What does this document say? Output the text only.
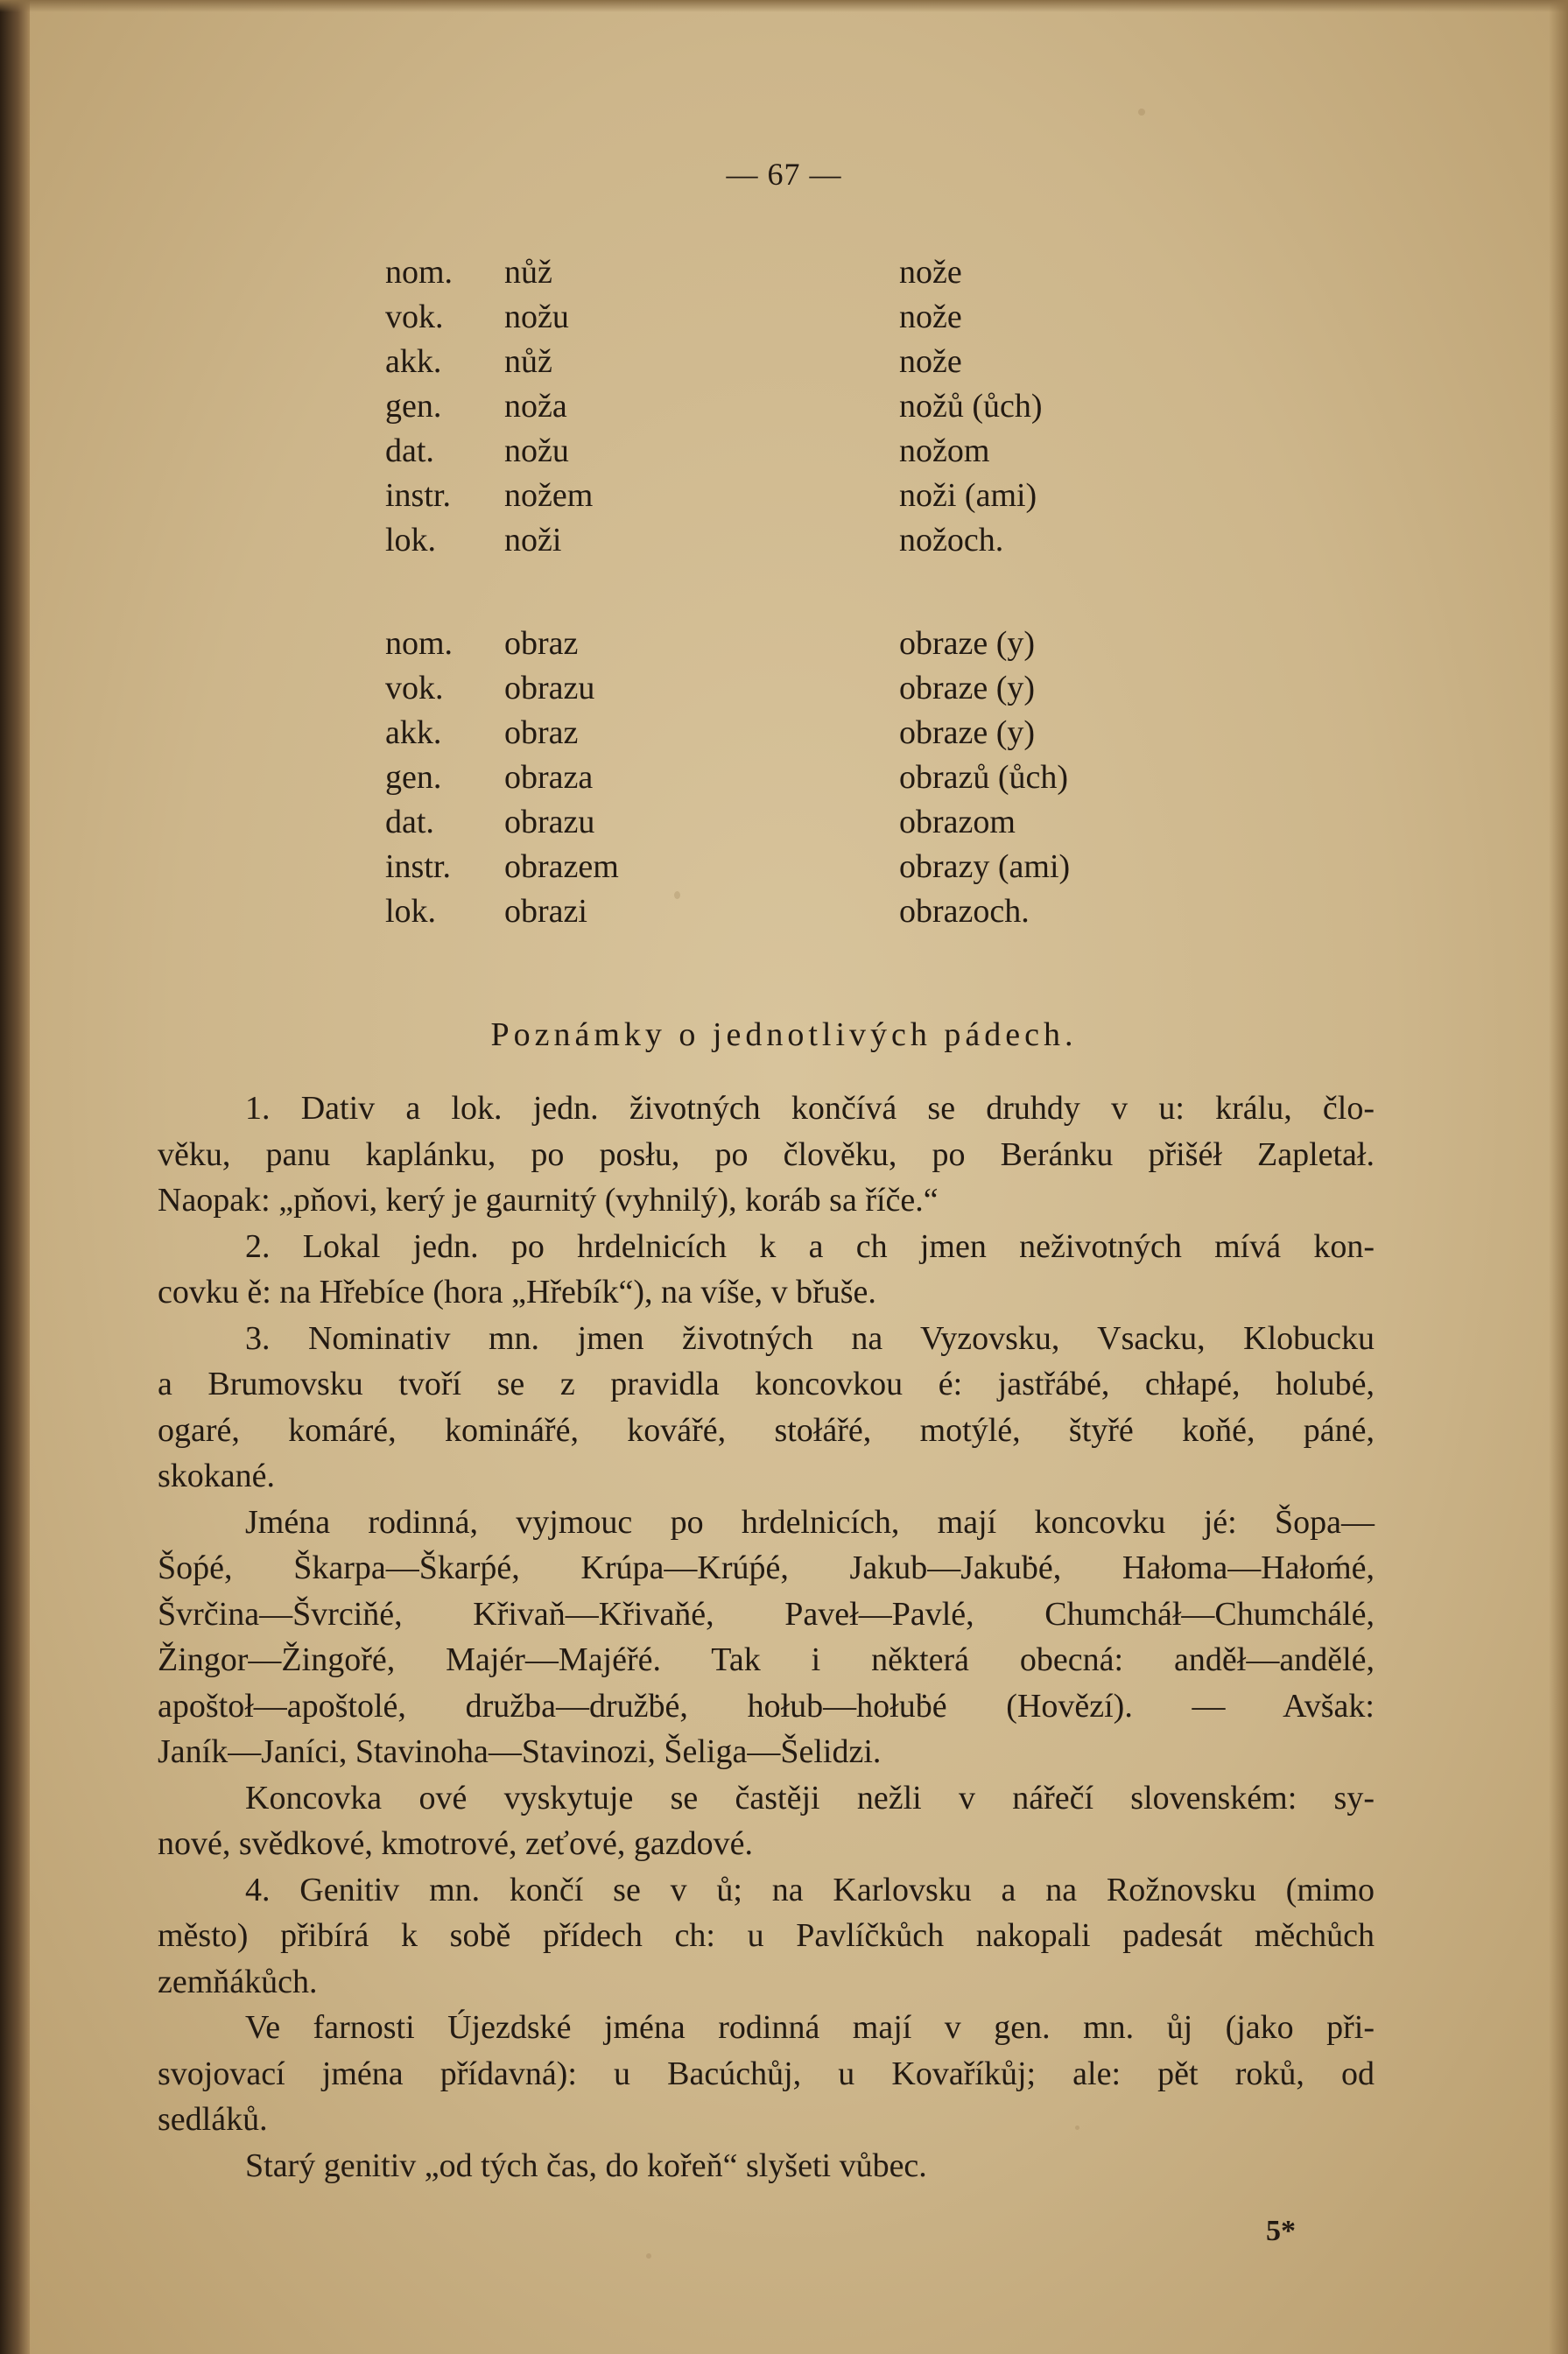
— 67 —
nom. nůž	nože
vok. nožu	nože
akk. nůž	nože
gen. noža	nožů (ůch)
dat. nožu	nožom
instr. nožem	noži (ami)
lok. noži	nožoch.
nom. obraz	obraze (y)
vok. obrazu	obraze (y)
akk. obraz	obraze (y)
gen. obraza	obrazů (ůch)
dat. obrazu	obrazom
instr. obrazem	obrazy (ami)
lok. obrazi	obrazoch.
Poznámky o jednotlivých pádech.
1. Dativ a lok. jedn. životných končívá se druhdy v u: králu, člo-
věku, panu kaplánku, po posłu, po člověku, po Beránku přišéł Zapletał.
Naopak: „pňovi, kerý je gaurnitý (vyhnilý), koráb sa říče.“
2. Lokal jedn. po hrdelnicích k a ch jmen neživotných mívá kon-
covku ě: na Hřebíce (hora „Hřebík“), na víše, v břuše.
3. Nominativ mn. jmen životných na Vyzovsku, Vsacku, Klobucku
a Brumovsku tvoří se z pravidla koncovkou é: jastřábé, chłapé, holubé,
ogaré, komáré, kominářé, kovářé, stołářé, motýlé, štyřé koňé, páné,
skokané.
Jména rodinná, vyjmouc po hrdelnicích, mají koncovku jé: Šopa—
Šoṕé, Škarpa—Škarṕé, Krúpa—Krúṕé, Jakub—Jakuḃé, Hałoma—Hałoḿé,
Švrčina—Švrciňé, Křivaň—Křivaňé, Paveł—Pavlé, Chumcháł—Chumchálé,
Žingor—Žingořé, Majér—Majéřé. Tak i některá obecná: anděł—andělé,
apoštoł—apoštolé, družba—družḃé, hołub—hołuḃé (Hovězí). — Avšak:
Janík—Janíci, Stavinoha—Stavinozi, Šeliga—Šelidzi.
Koncovka ové vyskytuje se častěji nežli v nářečí slovenském: sy-
nové, svědkové, kmotrové, zeťové, gazdové.
4. Genitiv mn. končí se v ů; na Karlovsku a na Rožnovsku (mimo
město) přibírá k sobě přídech ch: u Pavlíčkůch nakopali padesát měchůch
zemňákůch.
Ve farnosti Újezdské jména rodinná mají v gen. mn. ůj (jako při-
svojovací jména přídavná): u Bacúchůj, u Kovaříkůj; ale: pět roků, od
sedláků.
Starý genitiv „od tých čas, do kořeň“ slyšeti vůbec.
5*
